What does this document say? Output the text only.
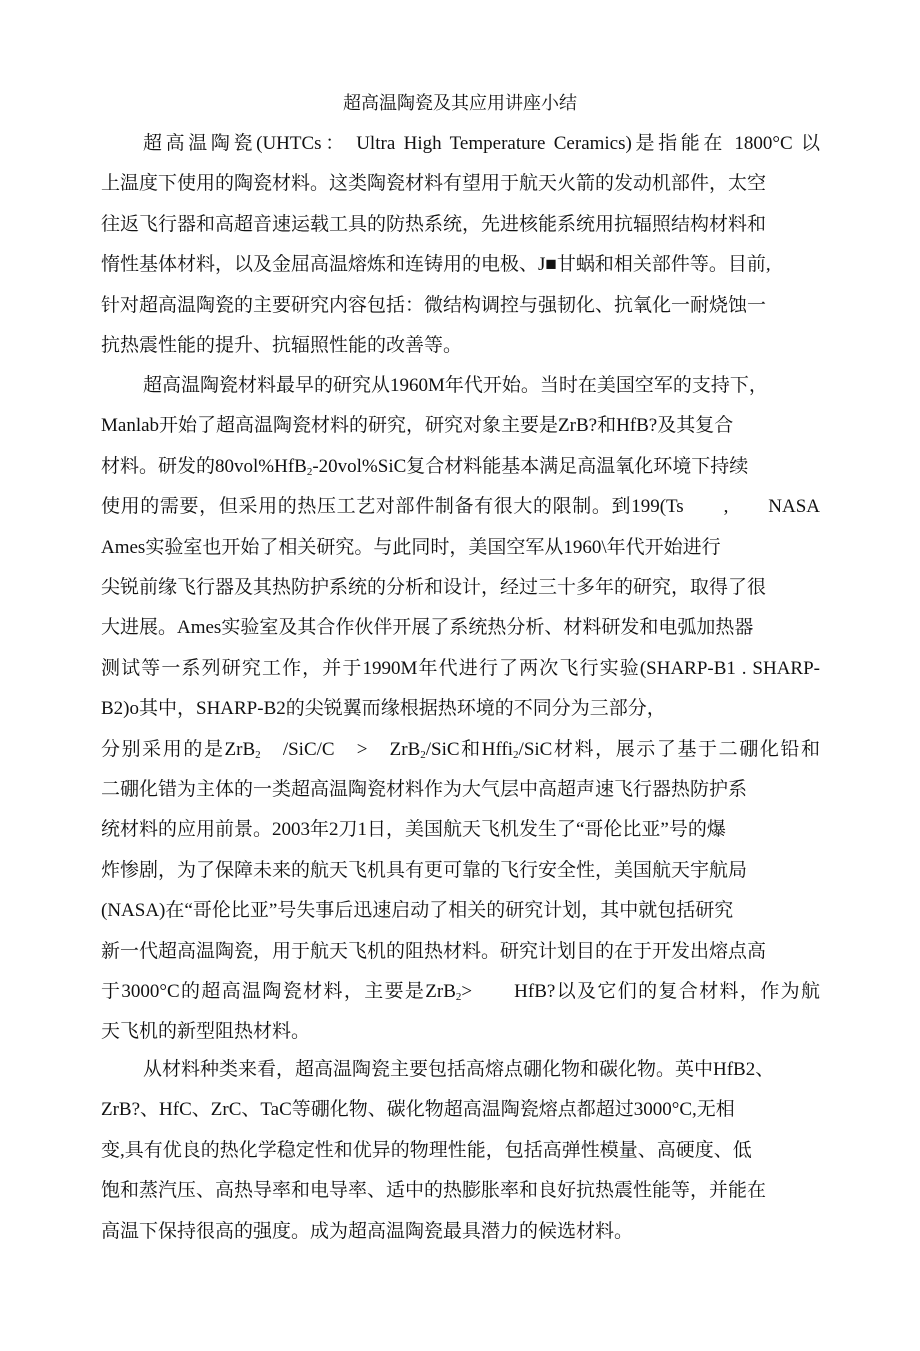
超高温陶瓷及其应用讲座小结
超高温陶瓷(UHTCs： Ultra High Temperature Ceramics)是指能在 1800°C 以
上温度下使用的陶瓷材料。这类陶瓷材料有望用于航天火箭的发动机部件，太空
往返飞行器和高超音速运载工具的防热系统，先进核能系统用抗辐照结构材料和
惰性基体材料，以及金屈高温熔炼和连铸用的电极、J■甘蜗和相关部件等。目前,
针对超高温陶瓷的主要研究内容包括：微结构调控与强韧化、抗氧化一耐烧蚀一
抗热震性能的提升、抗辐照性能的改善等。
超高温陶瓷材料最早的研究从1960M年代开始。当时在美国空军的支持下，
Manlab开始了超高温陶瓷材料的研究，研究对象主要是ZrB?和HfB?及其复合
材料。研发的80vol%HfB$_2$-20vol%SiC复合材料能基本满足高温氧化环境下持续
使用的需要，但采用的热压工艺对部件制备有很大的限制。到199(Ts　　,　　NASA
Ames实验室也开始了相关研究。与此同时，美国空军从1960\年代开始进行
尖锐前缘飞行器及其热防护系统的分析和设计，经过三十多年的研究，取得了很
大进展。Ames实验室及其合作伙伴开展了系统热分析、材料研发和电弧加热器
测试等一系列研究工作，并于1990M年代进行了两次飞行实验(SHARP-B1 . SHARP-
B2)o其中，SHARP-B2的尖锐翼而缘根据热环境的不同分为三部分，
分别采用的是ZrB$_2$　/SiC/C　>　ZrB$_2$/SiC和Hffi$_2$/SiC材料，展示了基于二硼化铅和
二硼化错为主体的一类超高温陶瓷材料作为大气层中高超声速飞行器热防护系
统材料的应用前景。2003年2刀1日，美国航天飞机发生了“哥伦比亚”号的爆
炸惨剧，为了保障未来的航天飞机具有更可靠的飞行安全性，美国航天宇航局
(NASA)在“哥伦比亚”号失事后迅速启动了相关的研究计划，其中就包括研究
新一代超高温陶瓷，用于航天飞机的阻热材料。研究计划目的在于开发出熔点高
于3000°C的超高温陶瓷材料，主要是ZrB$_2$>　　HfB?以及它们的复合材料，作为航
天飞机的新型阻热材料。
从材料种类来看，超高温陶瓷主要包括高熔点硼化物和碳化物。英中HfB2、
ZrB?、HfC、ZrC、TaC等硼化物、碳化物超高温陶瓷熔点都超过3000°C,无相
变,具有优良的热化学稳定性和优异的物理性能，包括高弹性模量、高硬度、低
饱和蒸汽压、高热导率和电导率、适中的热膨胀率和良好抗热震性能等，并能在
高温下保持很高的强度。成为超高温陶瓷最具潜力的候选材料。
